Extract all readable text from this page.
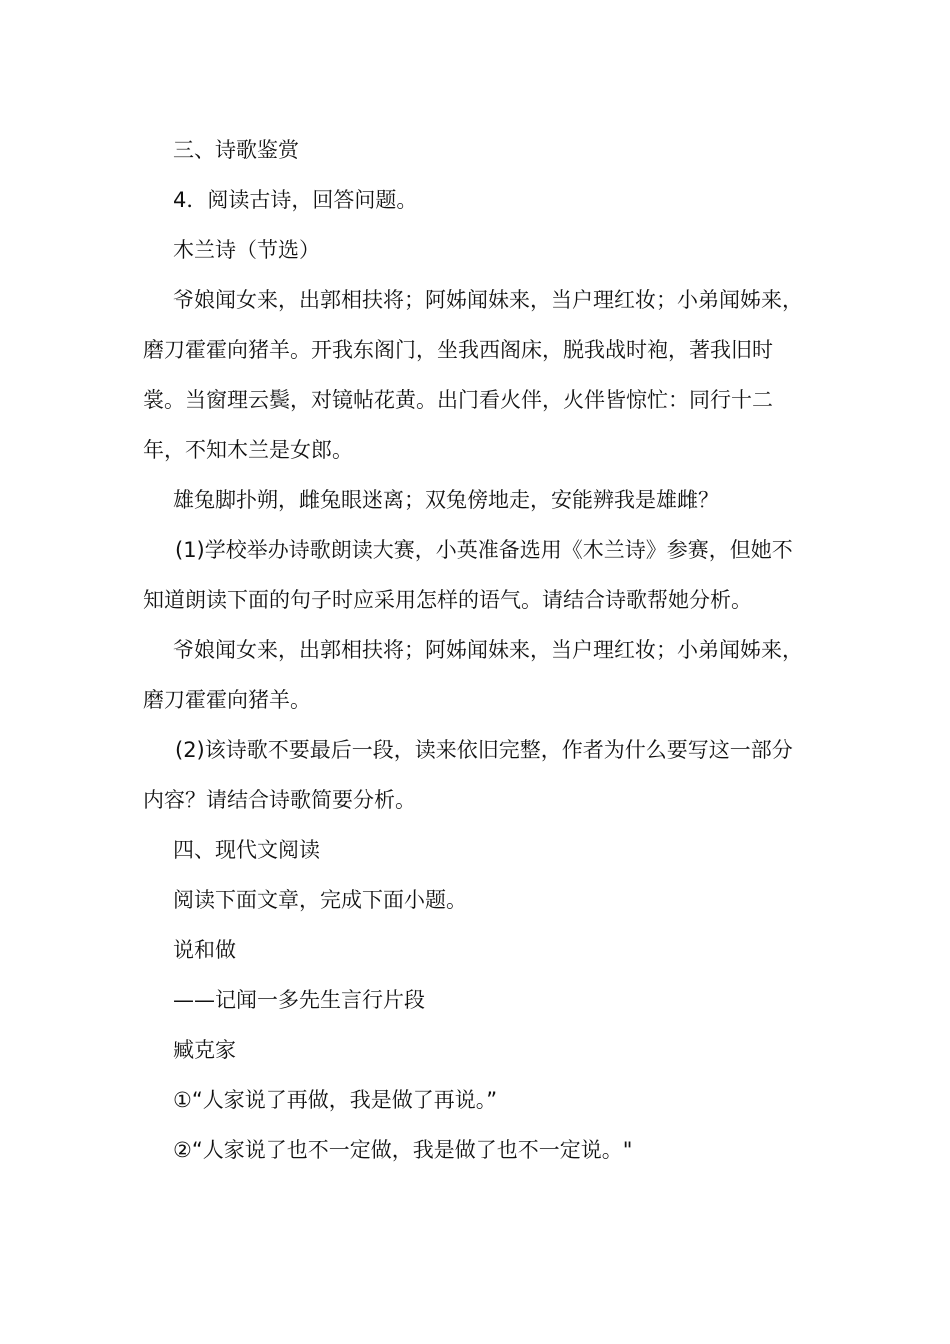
三、诗歌鉴赏

4．阅读古诗，回答问题。

木兰诗（节选）

爷娘闻女来，出郭相扶将；阿姊闻妹来，当户理红妆；小弟闻姊来，磨刀霍霍向猪羊。开我东阁门，坐我西阁床，脱我战时袍，著我旧时裳。当窗理云鬓，对镜帖花黄。出门看火伴，火伴皆惊忙：同行十二年，不知木兰是女郎。

雄兔脚扑朔，雌兔眼迷离；双兔傍地走，安能辨我是雄雌？

(1)学校举办诗歌朗读大赛，小英准备选用《木兰诗》参赛，但她不知道朗读下面的句子时应采用怎样的语气。请结合诗歌帮她分析。

爷娘闻女来，出郭相扶将；阿姊闻妹来，当户理红妆；小弟闻姊来，磨刀霍霍向猪羊。

(2)该诗歌不要最后一段，读来依旧完整，作者为什么要写这一部分内容？请结合诗歌简要分析。

四、现代文阅读

阅读下面文章，完成下面小题。

说和做

——记闻一多先生言行片段

臧克家

①“人家说了再做，我是做了再说。”

②“人家说了也不一定做，我是做了也不一定说。"
